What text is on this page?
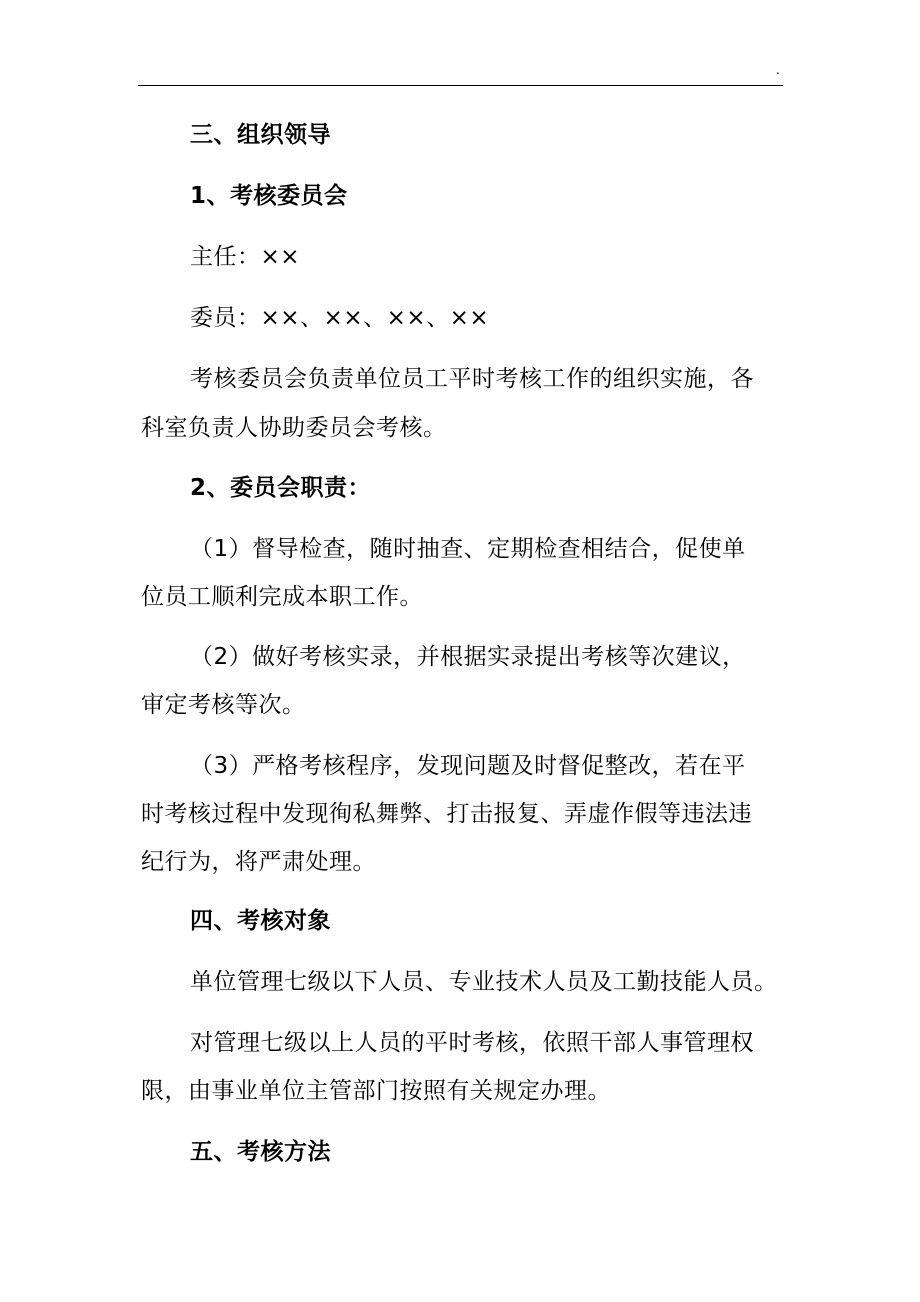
.
三、组织领导
1、考核委员会
主任：××
委员：××、××、××、××
考核委员会负责单位员工平时考核工作的组织实施，各
科室负责人协助委员会考核。
2、委员会职责：
（1）督导检查，随时抽查、定期检查相结合，促使单
位员工顺利完成本职工作。
（2）做好考核实录，并根据实录提出考核等次建议，
审定考核等次。
（3）严格考核程序，发现问题及时督促整改，若在平
时考核过程中发现徇私舞弊、打击报复、弄虚作假等违法违
纪行为，将严肃处理。
四、考核对象
单位管理七级以下人员、专业技术人员及工勤技能人员。
对管理七级以上人员的平时考核，依照干部人事管理权
限，由事业单位主管部门按照有关规定办理。
五、考核方法
